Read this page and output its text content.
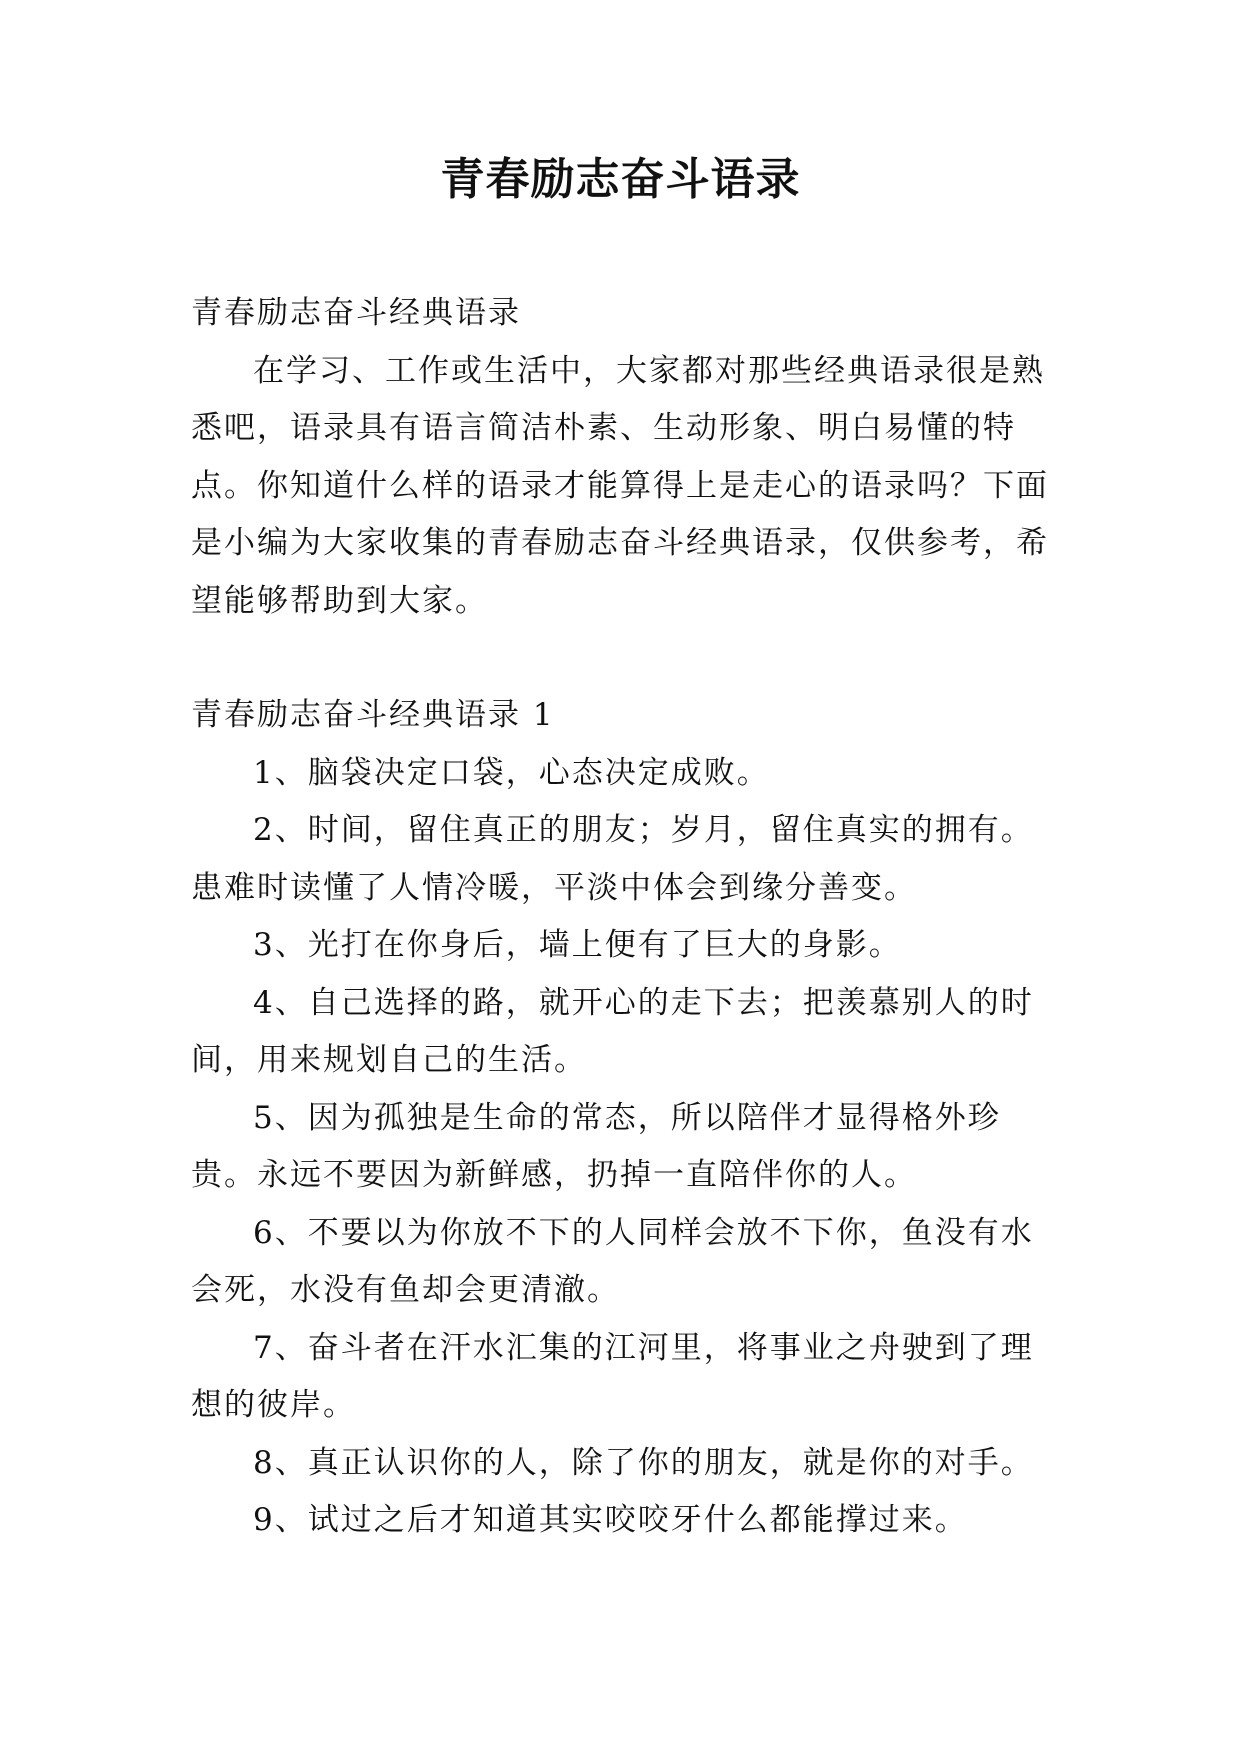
青春励志奋斗语录

青春励志奋斗经典语录

在学习、工作或生活中，大家都对那些经典语录很是熟悉吧，语录具有语言简洁朴素、生动形象、明白易懂的特点。你知道什么样的语录才能算得上是走心的语录吗？下面是小编为大家收集的青春励志奋斗经典语录，仅供参考，希望能够帮助到大家。

青春励志奋斗经典语录 1

1、脑袋决定口袋，心态决定成败。

2、时间，留住真正的朋友；岁月，留住真实的拥有。患难时读懂了人情冷暖，平淡中体会到缘分善变。

3、光打在你身后，墙上便有了巨大的身影。

4、自己选择的路，就开心的走下去；把羡慕别人的时间，用来规划自己的生活。

5、因为孤独是生命的常态，所以陪伴才显得格外珍贵。永远不要因为新鲜感，扔掉一直陪伴你的人。

6、不要以为你放不下的人同样会放不下你，鱼没有水会死，水没有鱼却会更清澈。

7、奋斗者在汗水汇集的江河里，将事业之舟驶到了理想的彼岸。

8、真正认识你的人，除了你的朋友，就是你的对手。

9、试过之后才知道其实咬咬牙什么都能撑过来。
